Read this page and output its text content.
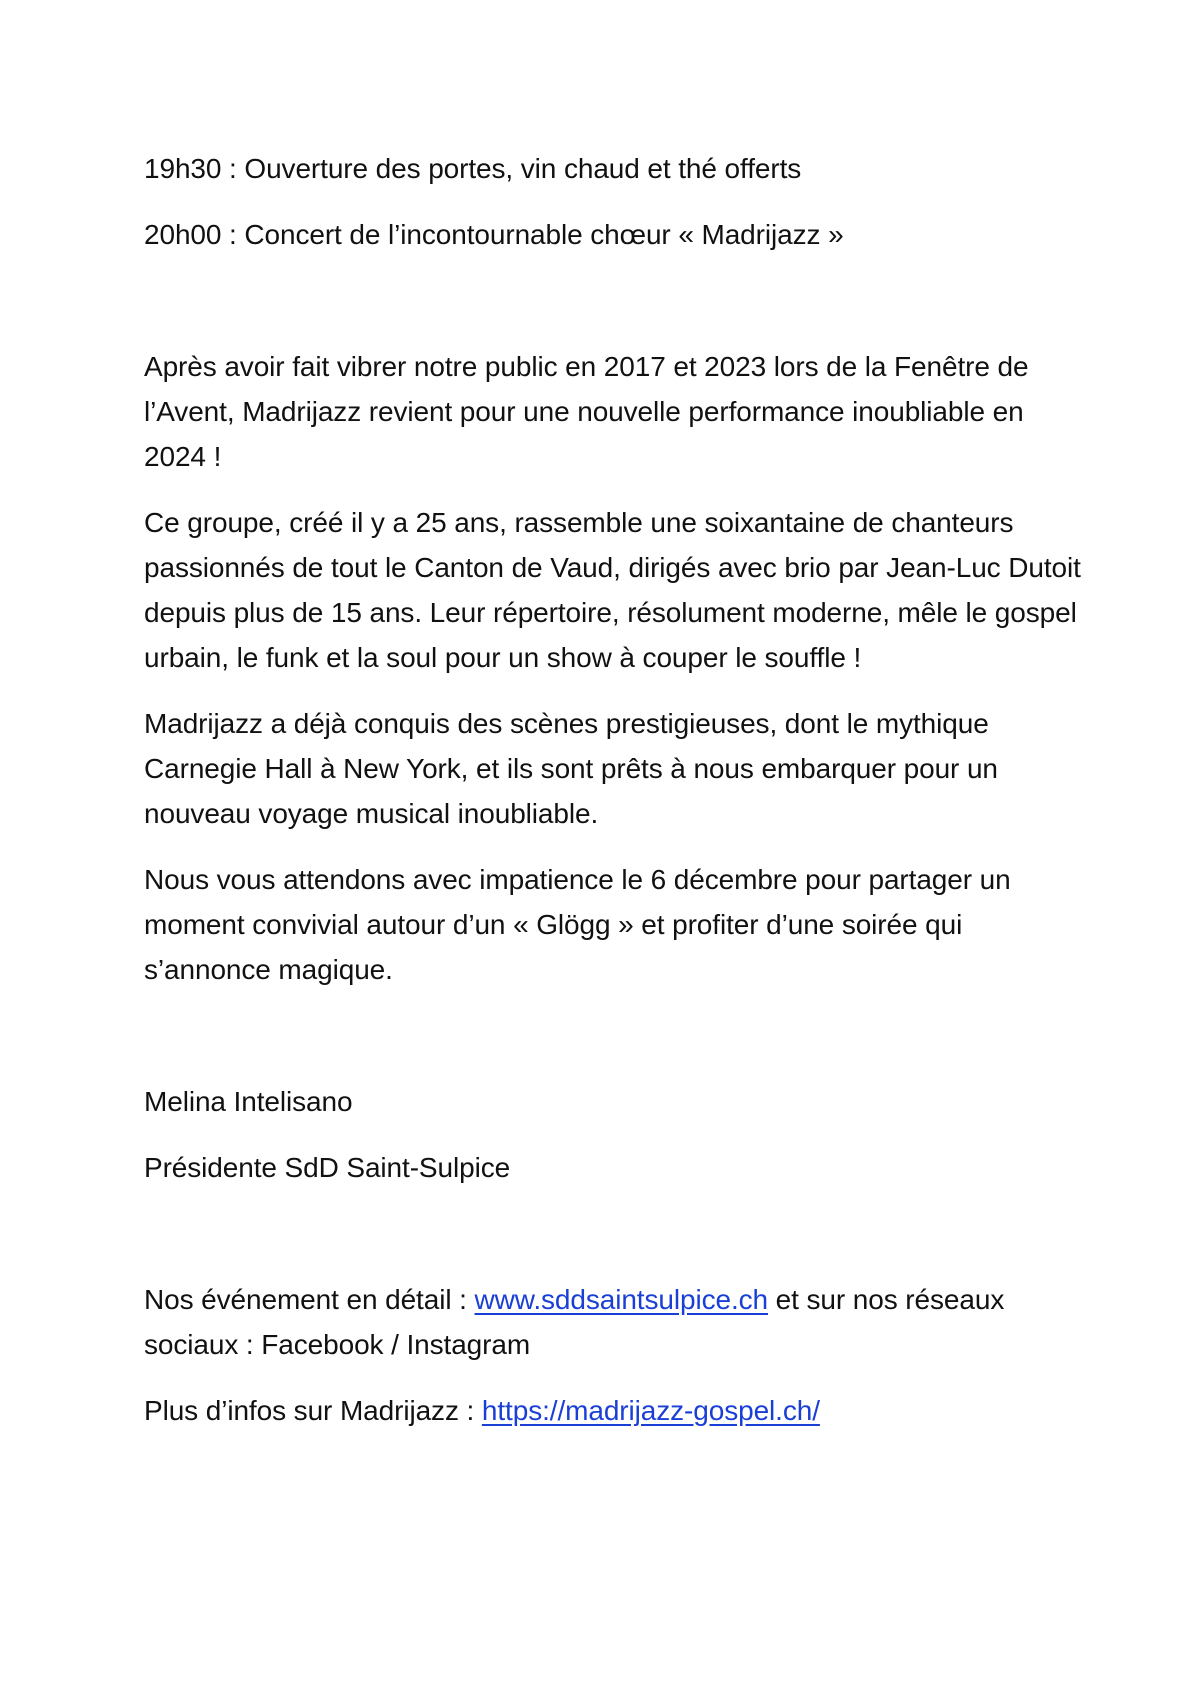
19h30 : Ouverture des portes, vin chaud et thé offerts

20h00 : Concert de l’incontournable chœur « Madrijazz »

Après avoir fait vibrer notre public en 2017 et 2023 lors de la Fenêtre de l’Avent, Madrijazz revient pour une nouvelle performance inoubliable en 2024 !

Ce groupe, créé il y a 25 ans, rassemble une soixantaine de chanteurs passionnés de tout le Canton de Vaud, dirigés avec brio par Jean-Luc Dutoit depuis plus de 15 ans. Leur répertoire, résolument moderne, mêle le gospel urbain, le funk et la soul pour un show à couper le souffle !

Madrijazz a déjà conquis des scènes prestigieuses, dont le mythique Carnegie Hall à New York, et ils sont prêts à nous embarquer pour un nouveau voyage musical inoubliable.

Nous vous attendons avec impatience le 6 décembre pour partager un moment convivial autour d’un « Glögg » et profiter d’une soirée qui s’annonce magique.

Melina Intelisano

Présidente SdD Saint-Sulpice

Nos événement en détail : www.sddsaintsulpice.ch et sur nos réseaux sociaux : Facebook / Instagram

Plus d’infos sur Madrijazz : https://madrijazz-gospel.ch/
